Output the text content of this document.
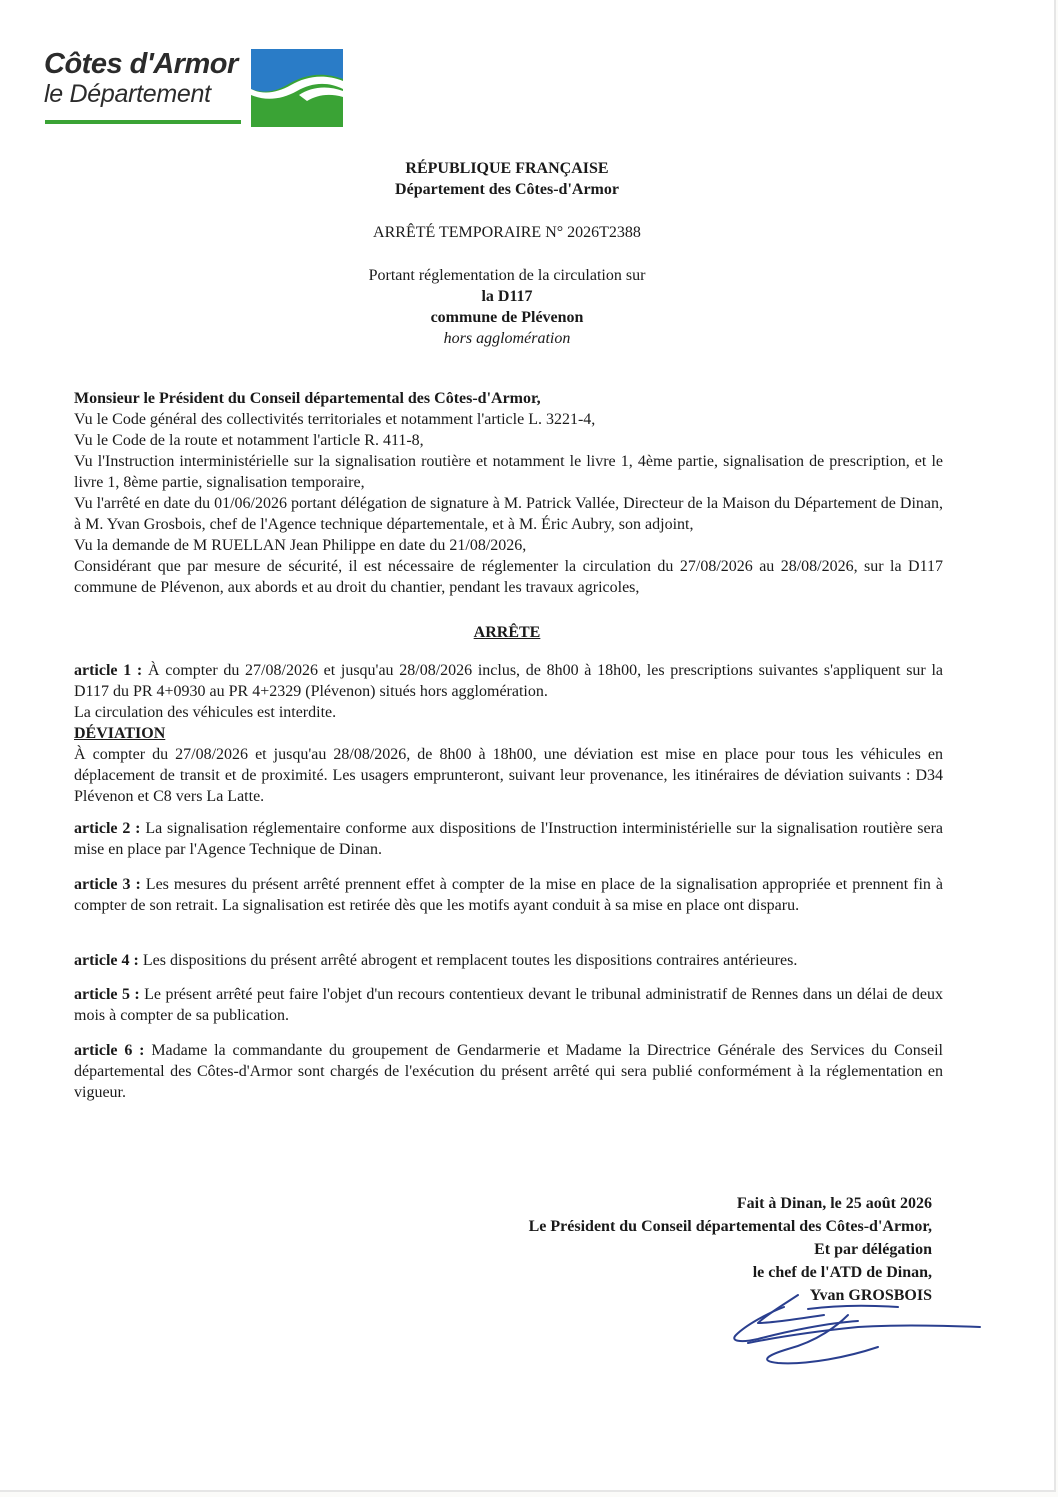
Côtes d'Armor
le Département
RÉPUBLIQUE FRANÇAISE
Département des Côtes-d'Armor
ARRÊTÉ TEMPORAIRE N° 2026T2388
Portant réglementation de la circulation sur
la D117
commune de Plévenon
hors agglomération

Monsieur le Président du Conseil départemental des Côtes-d'Armor,

Vu le Code général des collectivités territoriales et notamment l'article L. 3221-4,

Vu le Code de la route et notamment l'article R. 411-8,

Vu l'Instruction interministérielle sur la signalisation routière et notamment le livre 1, 4ème partie, signalisation de prescription, et le livre 1, 8ème partie, signalisation temporaire,

Vu l'arrêté en date du 01/06/2026 portant délégation de signature à M. Patrick Vallée, Directeur de la Maison du Département de Dinan, à M. Yvan Grosbois, chef de l'Agence technique départementale, et à M. Éric Aubry, son adjoint,

Vu la demande de M RUELLAN Jean Philippe en date du 21/08/2026,

Considérant que par mesure de sécurité, il est nécessaire de réglementer la circulation du 27/08/2026 au 28/08/2026, sur la D117 commune de Plévenon, aux abords et au droit du chantier, pendant les travaux agricoles,

ARRÊTE

article 1 : À compter du 27/08/2026 et jusqu'au 28/08/2026 inclus, de 8h00 à 18h00, les prescriptions suivantes s'appliquent sur la D117 du PR 4+0930 au PR 4+2329 (Plévenon) situés hors agglomération.

La circulation des véhicules est interdite.

DÉVIATION

À compter du 27/08/2026 et jusqu'au 28/08/2026, de 8h00 à 18h00, une déviation est mise en place pour tous les véhicules en déplacement de transit et de proximité. Les usagers emprunteront, suivant leur provenance, les itinéraires de déviation suivants : D34 Plévenon et C8 vers La Latte.

article 2 : La signalisation réglementaire conforme aux dispositions de l'Instruction interministérielle sur la signalisation routière sera mise en place par l'Agence Technique de Dinan.

article 3 : Les mesures du présent arrêté prennent effet à compter de la mise en place de la signalisation appropriée et prennent fin à compter de son retrait. La signalisation est retirée dès que les motifs ayant conduit à sa mise en place ont disparu.

article 4 : Les dispositions du présent arrêté abrogent et remplacent toutes les dispositions contraires antérieures.

article 5 : Le présent arrêté peut faire l'objet d'un recours contentieux devant le tribunal administratif de Rennes dans un délai de deux mois à compter de sa publication.

article 6 : Madame la commandante du groupement de Gendarmerie et Madame la Directrice Générale des Services du Conseil départemental des Côtes-d'Armor sont chargés de l'exécution du présent arrêté qui sera publié conformément à la réglementation en vigueur.

Fait à Dinan, le 25 août 2026
Le Président du Conseil départemental des Côtes-d'Armor,
Et par délégation
le chef de l'ATD de Dinan,
Yvan GROSBOIS
